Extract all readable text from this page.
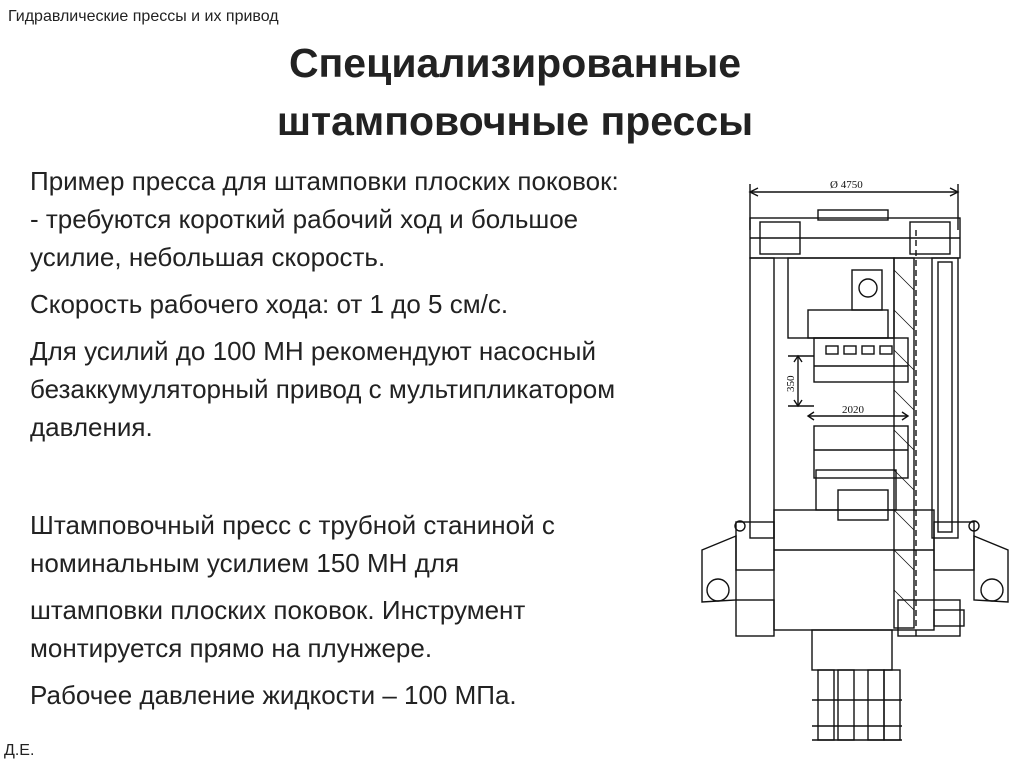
Гидравлические прессы и их привод
Специализированные
штамповочные прессы

Пример пресса для штамповки плоских поковок:
- требуются короткий рабочий ход и большое
усилие, небольшая скорость.

Скорость рабочего хода: от 1 до 5 см/с.

Для усилий до 100 МН рекомендуют насосный
безаккумуляторный привод с мультипликатором
давления.

Штамповочный пресс с трубной станиной с
номинальным усилием 150 МН для

штамповки плоских поковок. Инструмент
монтируется прямо на плунжере.

Рабочее давление жидкости – 100 МПа.

Д.Е.
Ø 4750
350
2020
